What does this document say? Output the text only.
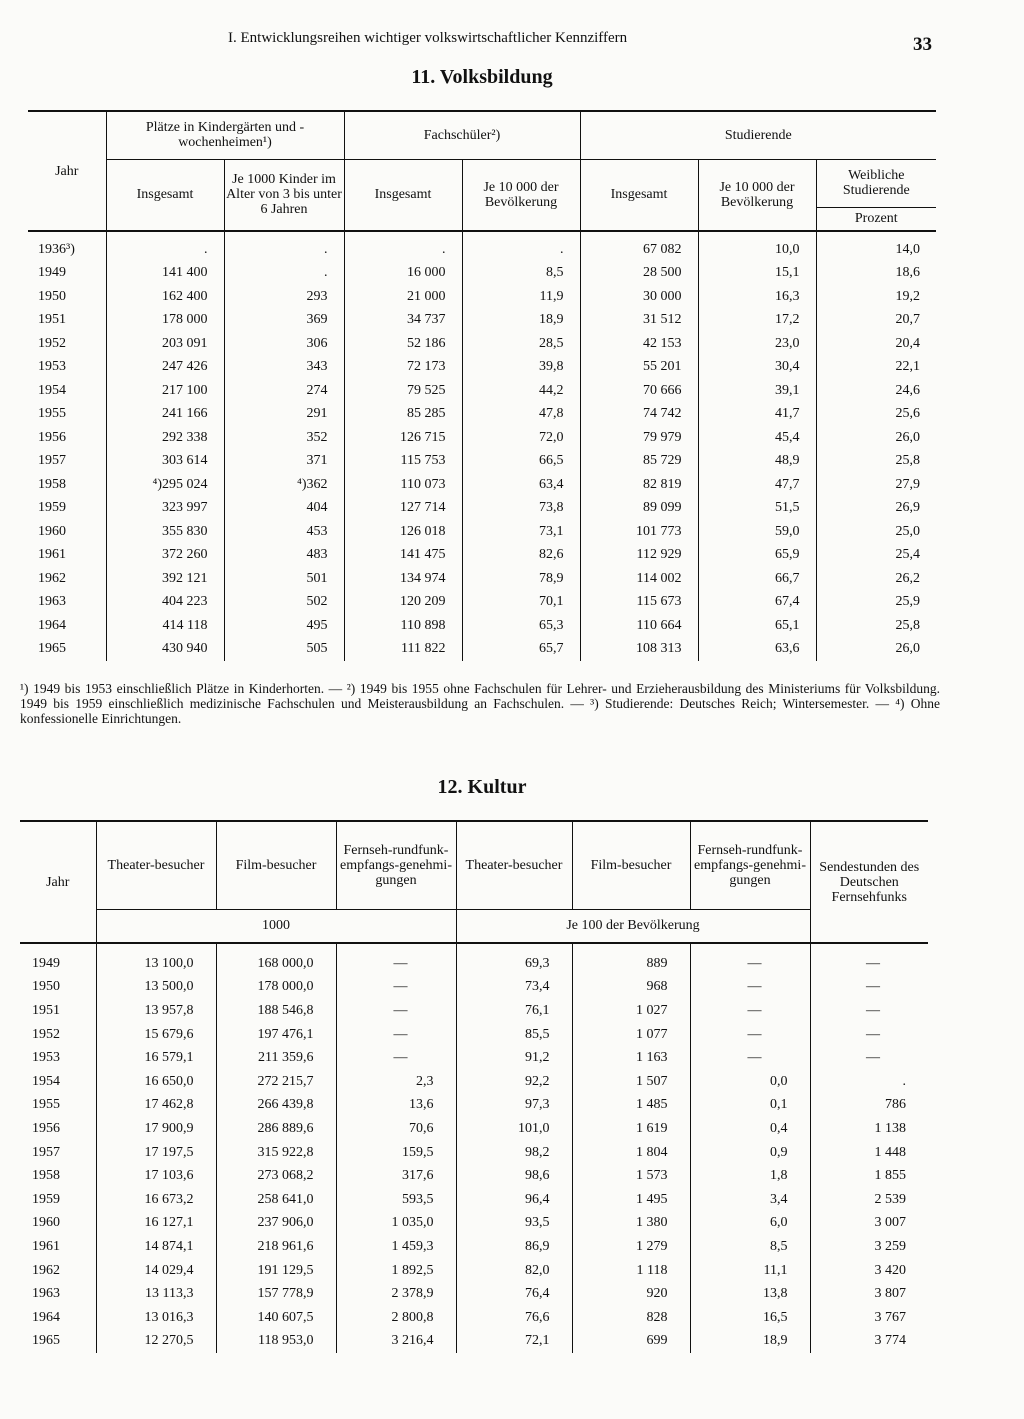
I. Entwicklungsreihen wichtiger volkswirtschaftlicher Kennziffern	33
11. Volksbildung
Jahr	Plätze in Kindergärten und -wochenheimen¹)		Fachschüler²)		Studierende		
	Insgesamt	Je 1000 Kinder im Alter von 3 bis unter 6 Jahren	Insgesamt	Je 10 000 der Bevölkerung	Insgesamt	Je 10 000 der Bevölkerung	Weibliche Studierende
							Prozent
1936³)	.	.	.	.	67 082	10,0	14,0
1949	141 400	.	16 000	8,5	28 500	15,1	18,6
1950	162 400	293	21 000	11,9	30 000	16,3	19,2
1951	178 000	369	34 737	18,9	31 512	17,2	20,7
1952	203 091	306	52 186	28,5	42 153	23,0	20,4
1953	247 426	343	72 173	39,8	55 201	30,4	22,1
1954	217 100	274	79 525	44,2	70 666	39,1	24,6
1955	241 166	291	85 285	47,8	74 742	41,7	25,6
1956	292 338	352	126 715	72,0	79 979	45,4	26,0
1957	303 614	371	115 753	66,5	85 729	48,9	25,8
1958	⁴)295 024	⁴)362	110 073	63,4	82 819	47,7	27,9
1959	323 997	404	127 714	73,8	89 099	51,5	26,9
1960	355 830	453	126 018	73,1	101 773	59,0	25,0
1961	372 260	483	141 475	82,6	112 929	65,9	25,4
1962	392 121	501	134 974	78,9	114 002	66,7	26,2
1963	404 223	502	120 209	70,1	115 673	67,4	25,9
1964	414 118	495	110 898	65,3	110 664	65,1	25,8
1965	430 940	505	111 822	65,7	108 313	63,6	26,0

¹) 1949 bis 1953 einschließlich Plätze in Kinderhorten. — ²) 1949 bis 1955 ohne Fachschulen für Lehrer- und Erzieherausbildung des Ministeriums für Volksbildung. 1949 bis 1959 einschließlich medizinische Fachschulen und Meisterausbildung an Fachschulen. — ³) Studierende: Deutsches Reich; Wintersemester. — ⁴) Ohne konfessionelle Einrichtungen.

12. Kultur
Jahr	Theater-besucher	Film-besucher	Fernseh-rundfunk-empfangs-genehmi-gungen	Theater-besucher	Film-besucher	Fernseh-rundfunk-empfangs-genehmi-gungen	Sendestunden des Deutschen Fernsehfunks
	1000			Je 100 der Bevölkerung			
1949	13 100,0	168 000,0	—	69,3	889	—	—
1950	13 500,0	178 000,0	—	73,4	968	—	—
1951	13 957,8	188 546,8	—	76,1	1 027	—	—
1952	15 679,6	197 476,1	—	85,5	1 077	—	—
1953	16 579,1	211 359,6	—	91,2	1 163	—	—
1954	16 650,0	272 215,7	2,3	92,2	1 507	0,0	.
1955	17 462,8	266 439,8	13,6	97,3	1 485	0,1	786
1956	17 900,9	286 889,6	70,6	101,0	1 619	0,4	1 138
1957	17 197,5	315 922,8	159,5	98,2	1 804	0,9	1 448
1958	17 103,6	273 068,2	317,6	98,6	1 573	1,8	1 855
1959	16 673,2	258 641,0	593,5	96,4	1 495	3,4	2 539
1960	16 127,1	237 906,0	1 035,0	93,5	1 380	6,0	3 007
1961	14 874,1	218 961,6	1 459,3	86,9	1 279	8,5	3 259
1962	14 029,4	191 129,5	1 892,5	82,0	1 118	11,1	3 420
1963	13 113,3	157 778,9	2 378,9	76,4	920	13,8	3 807
1964	13 016,3	140 607,5	2 800,8	76,6	828	16,5	3 767
1965	12 270,5	118 953,0	3 216,4	72,1	699	18,9	3 774
